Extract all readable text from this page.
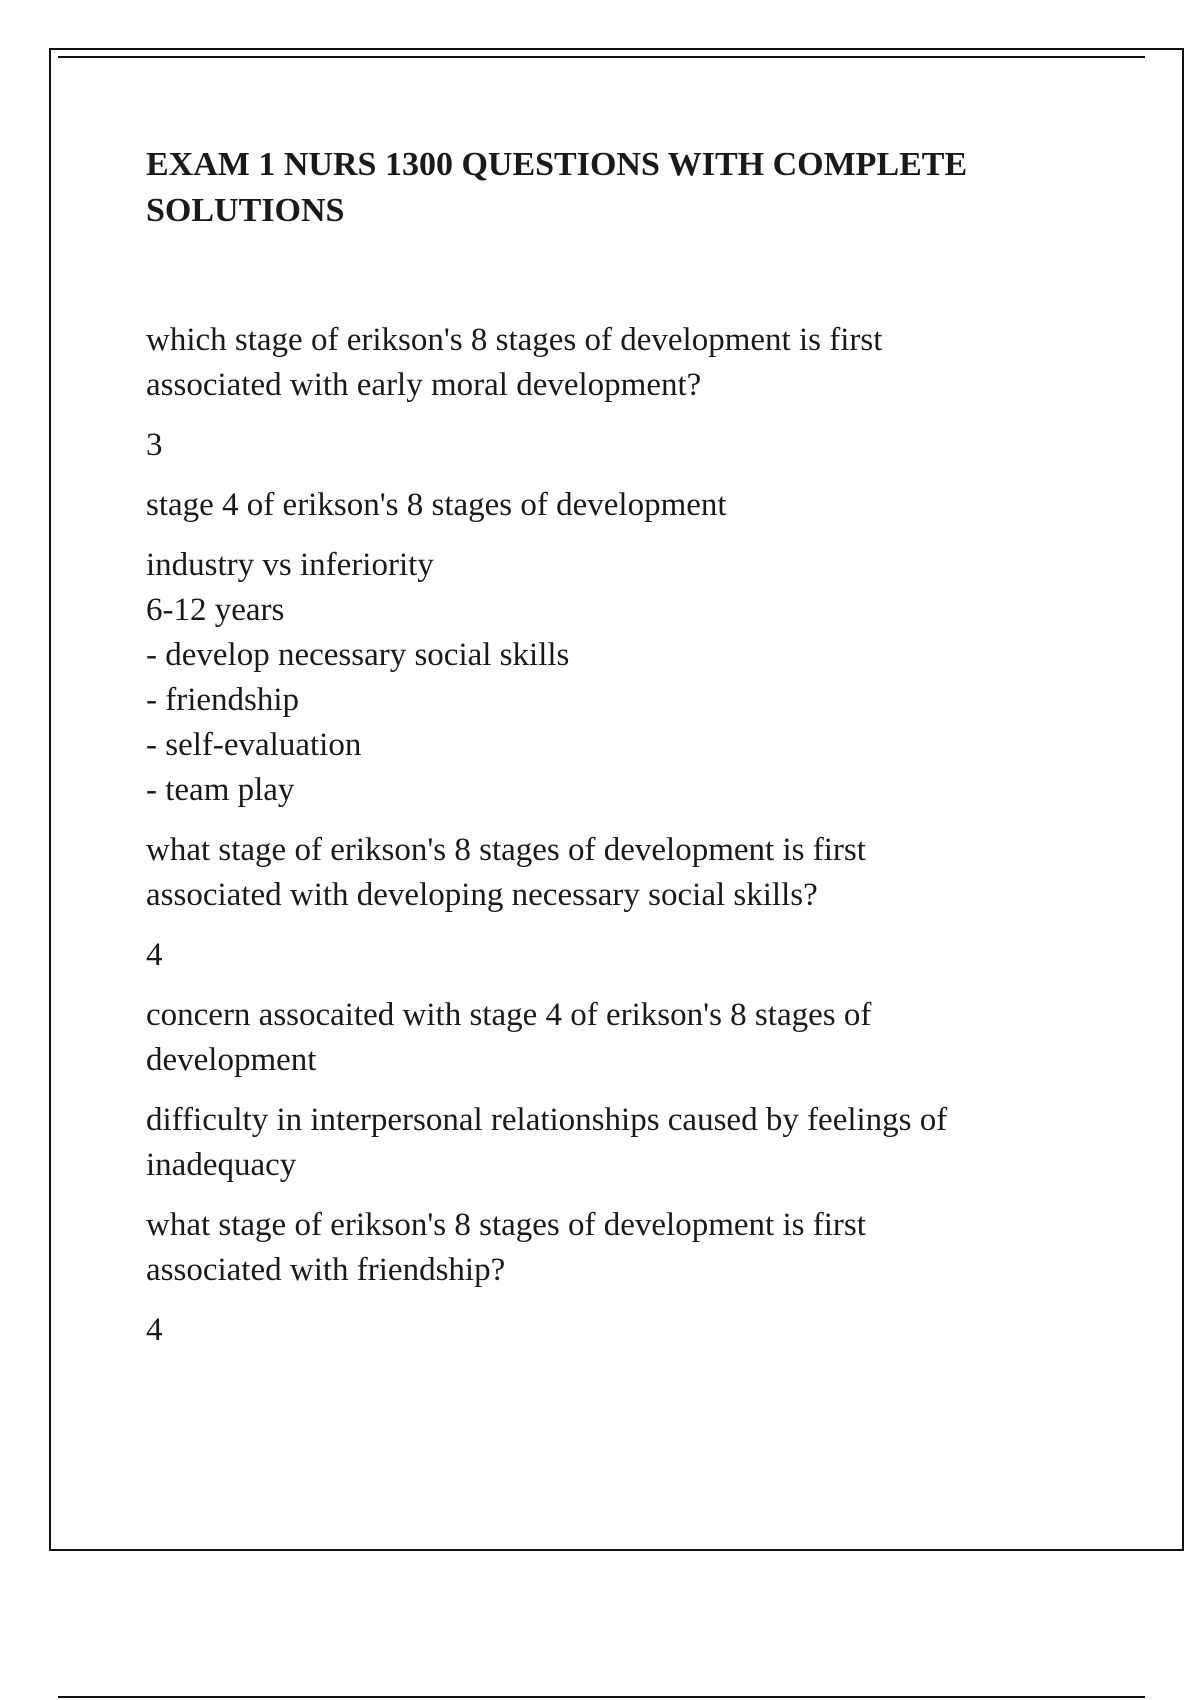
EXAM 1 NURS 1300 QUESTIONS WITH COMPLETE
SOLUTIONS

which stage of erikson's 8 stages of development is first
associated with early moral development?

3

stage 4 of erikson's 8 stages of development

industry vs inferiority
6-12 years
- develop necessary social skills
- friendship
- self-evaluation
- team play

what stage of erikson's 8 stages of development is first
associated with developing necessary social skills?

4

concern assocaited with stage 4 of erikson's 8 stages of
development

difficulty in interpersonal relationships caused by feelings of
inadequacy

what stage of erikson's 8 stages of development is first
associated with friendship?

4
